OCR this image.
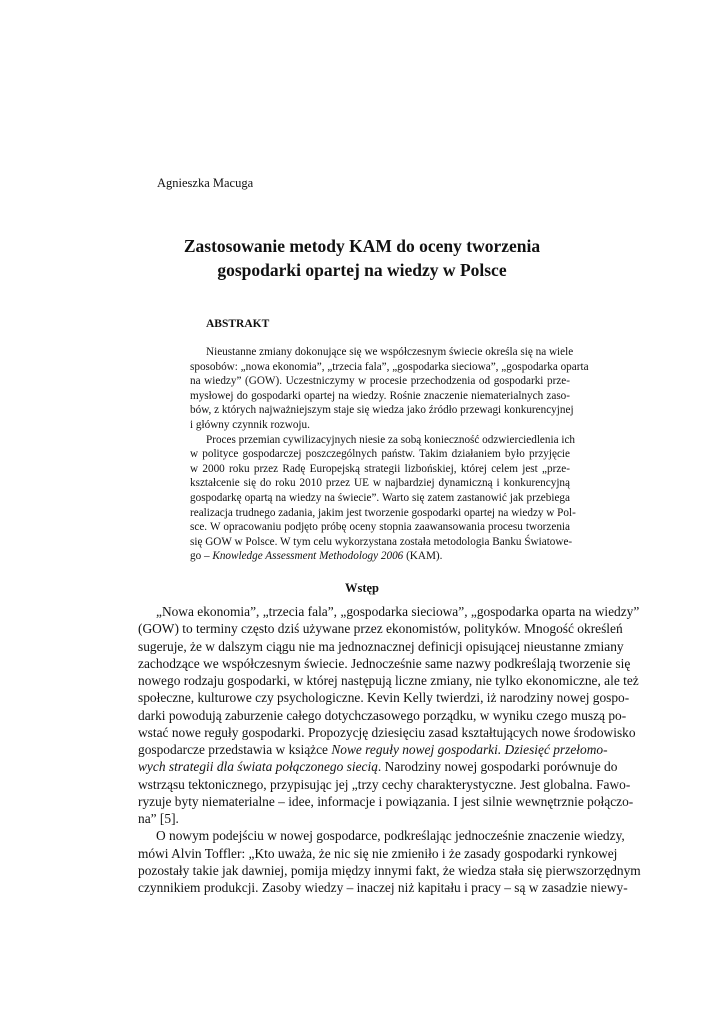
Agnieszka Macuga
Zastosowanie metody KAM do oceny tworzenia
gospodarki opartej na wiedzy w Polsce
ABSTRAKT
Nieustanne zmiany dokonujące się we współczesnym świecie określa się na wiele
sposobów: „nowa ekonomia”, „trzecia fala”, „gospodarka sieciowa”, „gospodarka oparta
na wiedzy” (GOW). Uczestniczymy w procesie przechodzenia od gospodarki prze-
mysłowej do gospodarki opartej na wiedzy. Rośnie znaczenie niematerialnych zaso-
bów, z których najważniejszym staje się wiedza jako źródło przewagi konkurencyjnej
i główny czynnik rozwoju.
Proces przemian cywilizacyjnych niesie za sobą konieczność odzwierciedlenia ich
w polityce gospodarczej poszczególnych państw. Takim działaniem było przyjęcie
w 2000 roku przez Radę Europejską strategii lizbońskiej, której celem jest „prze-
kształcenie się do roku 2010 przez UE w najbardziej dynamiczną i konkurencyjną
gospodarkę opartą na wiedzy na świecie”. Warto się zatem zastanowić jak przebiega
realizacja trudnego zadania, jakim jest tworzenie gospodarki opartej na wiedzy w Pol-
sce. W opracowaniu podjęto próbę oceny stopnia zaawansowania procesu tworzenia
się GOW w Polsce. W tym celu wykorzystana została metodologia Banku Światowe-
go – Knowledge Assessment Methodology 2006 (KAM).
Wstęp
„Nowa ekonomia”, „trzecia fala”, „gospodarka sieciowa”, „gospodarka oparta na wiedzy”
(GOW) to terminy często dziś używane przez ekonomistów, polityków. Mnogość określeń
sugeruje, że w dalszym ciągu nie ma jednoznacznej definicji opisującej nieustanne zmiany
zachodzące we współczesnym świecie. Jednocześnie same nazwy podkreślają tworzenie się
nowego rodzaju gospodarki, w której następują liczne zmiany, nie tylko ekonomiczne, ale też
społeczne, kulturowe czy psychologiczne. Kevin Kelly twierdzi, iż narodziny nowej gospo-
darki powodują zaburzenie całego dotychczasowego porządku, w wyniku czego muszą po-
wstać nowe reguły gospodarki. Propozycję dziesięciu zasad kształtujących nowe środowisko
gospodarcze przedstawia w książce Nowe reguły nowej gospodarki. Dziesięć przełomo-
wych strategii dla świata połączonego siecią. Narodziny nowej gospodarki porównuje do
wstrząsu tektonicznego, przypisując jej „trzy cechy charakterystyczne. Jest globalna. Fawo-
ryzuje byty niematerialne – idee, informacje i powiązania. I jest silnie wewnętrznie połączo-
na” [5].
O nowym podejściu w nowej gospodarce, podkreślając jednocześnie znaczenie wiedzy,
mówi Alvin Toffler: „Kto uważa, że nic się nie zmieniło i że zasady gospodarki rynkowej
pozostały takie jak dawniej, pomija między innymi fakt, że wiedza stała się pierwszorzędnym
czynnikiem produkcji. Zasoby wiedzy – inaczej niż kapitału i pracy – są w zasadzie niewy-
